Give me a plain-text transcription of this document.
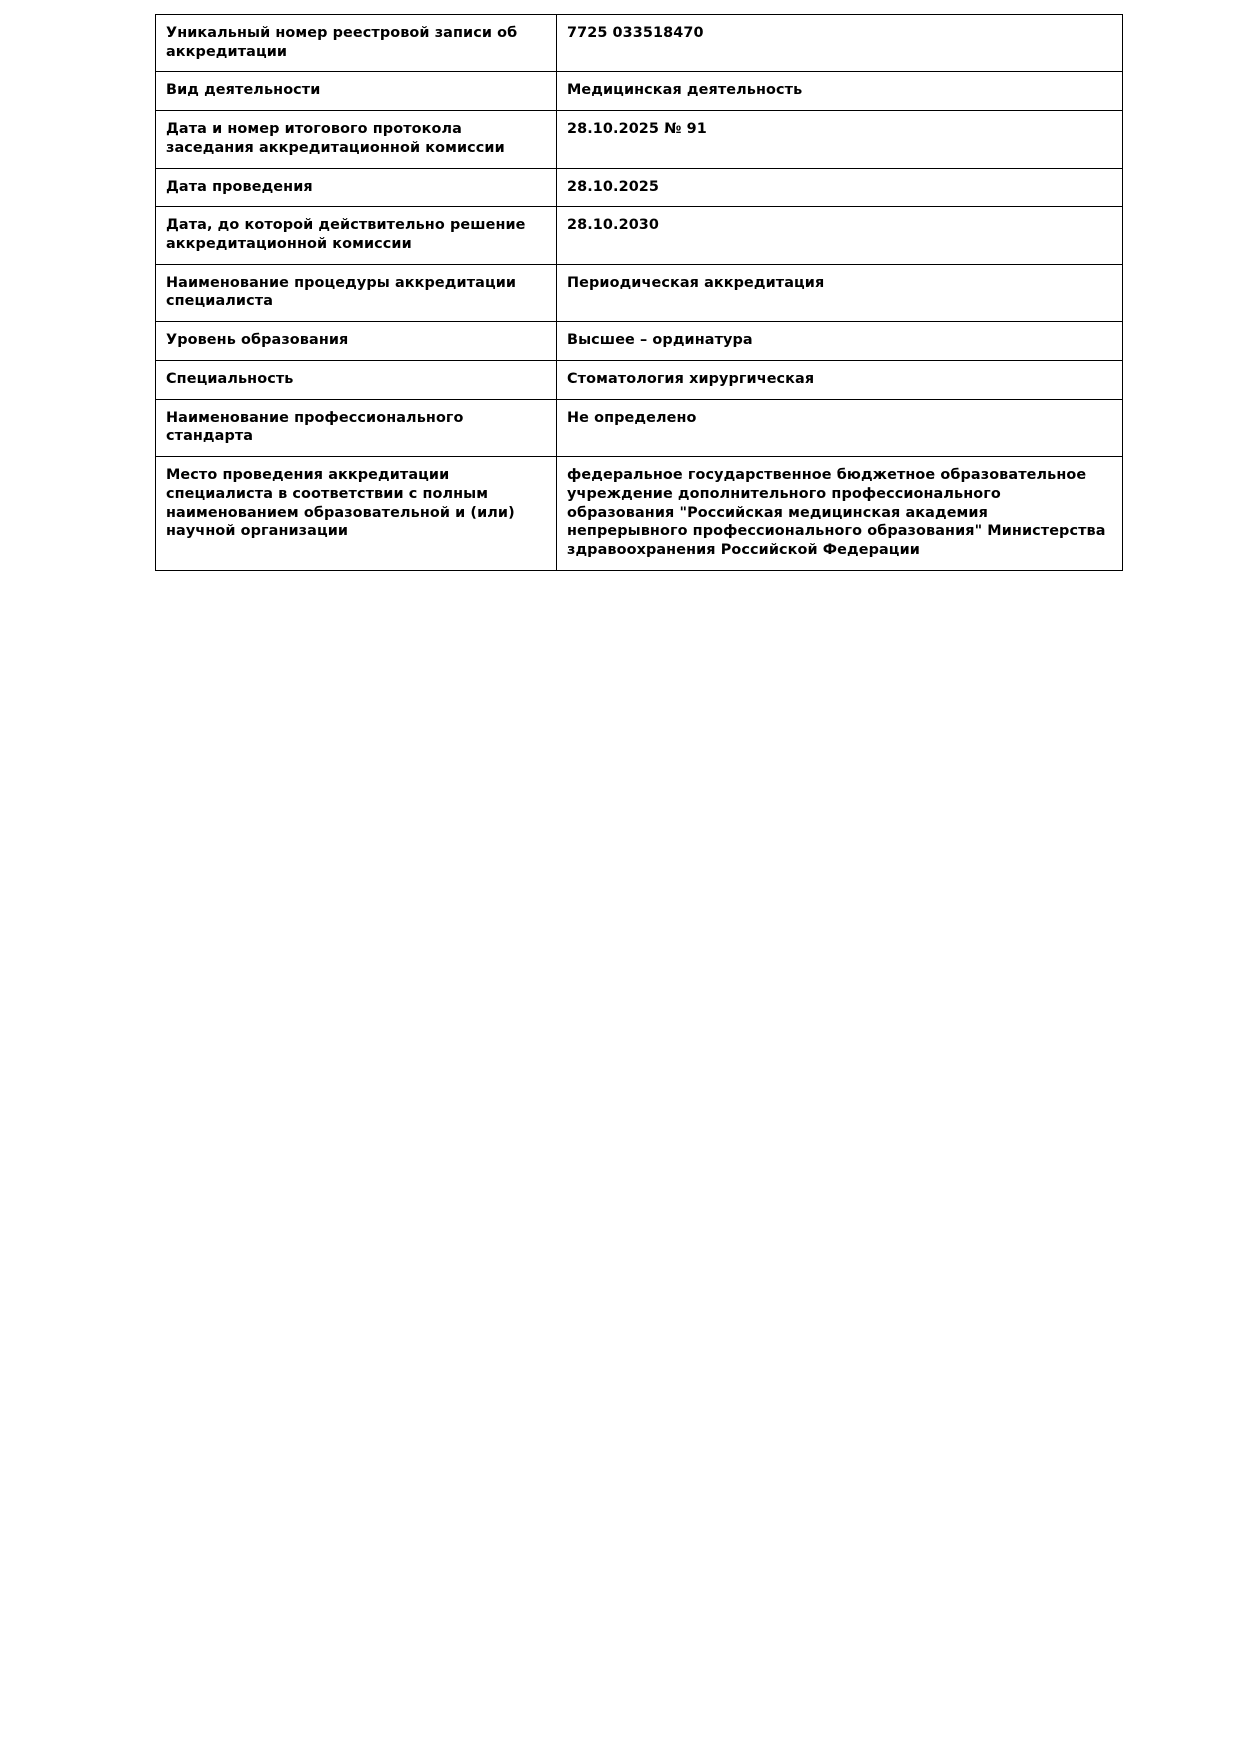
Уникальный номер реестровой записи об аккредитации	7725 033518470

Вид деятельности	Медицинская деятельность

Дата и номер итогового протокола заседания аккредитационной комиссии	28.10.2025 № 91

Дата проведения	28.10.2025

Дата, до которой действительно решение аккредитационной комиссии	28.10.2030

Наименование процедуры аккредитации специалиста	Периодическая аккредитация

Уровень образования	Высшее – ординатура

Специальность	Стоматология хирургическая

Наименование профессионального стандарта	Не определено

Место проведения аккредитации специалиста в соответствии с полным наименованием образовательной и (или) научной организации	федеральное государственное бюджетное образовательное учреждение дополнительного профессионального образования "Российская медицинская академия непрерывного профессионального образования" Министерства здравоохранения Российской Федерации
